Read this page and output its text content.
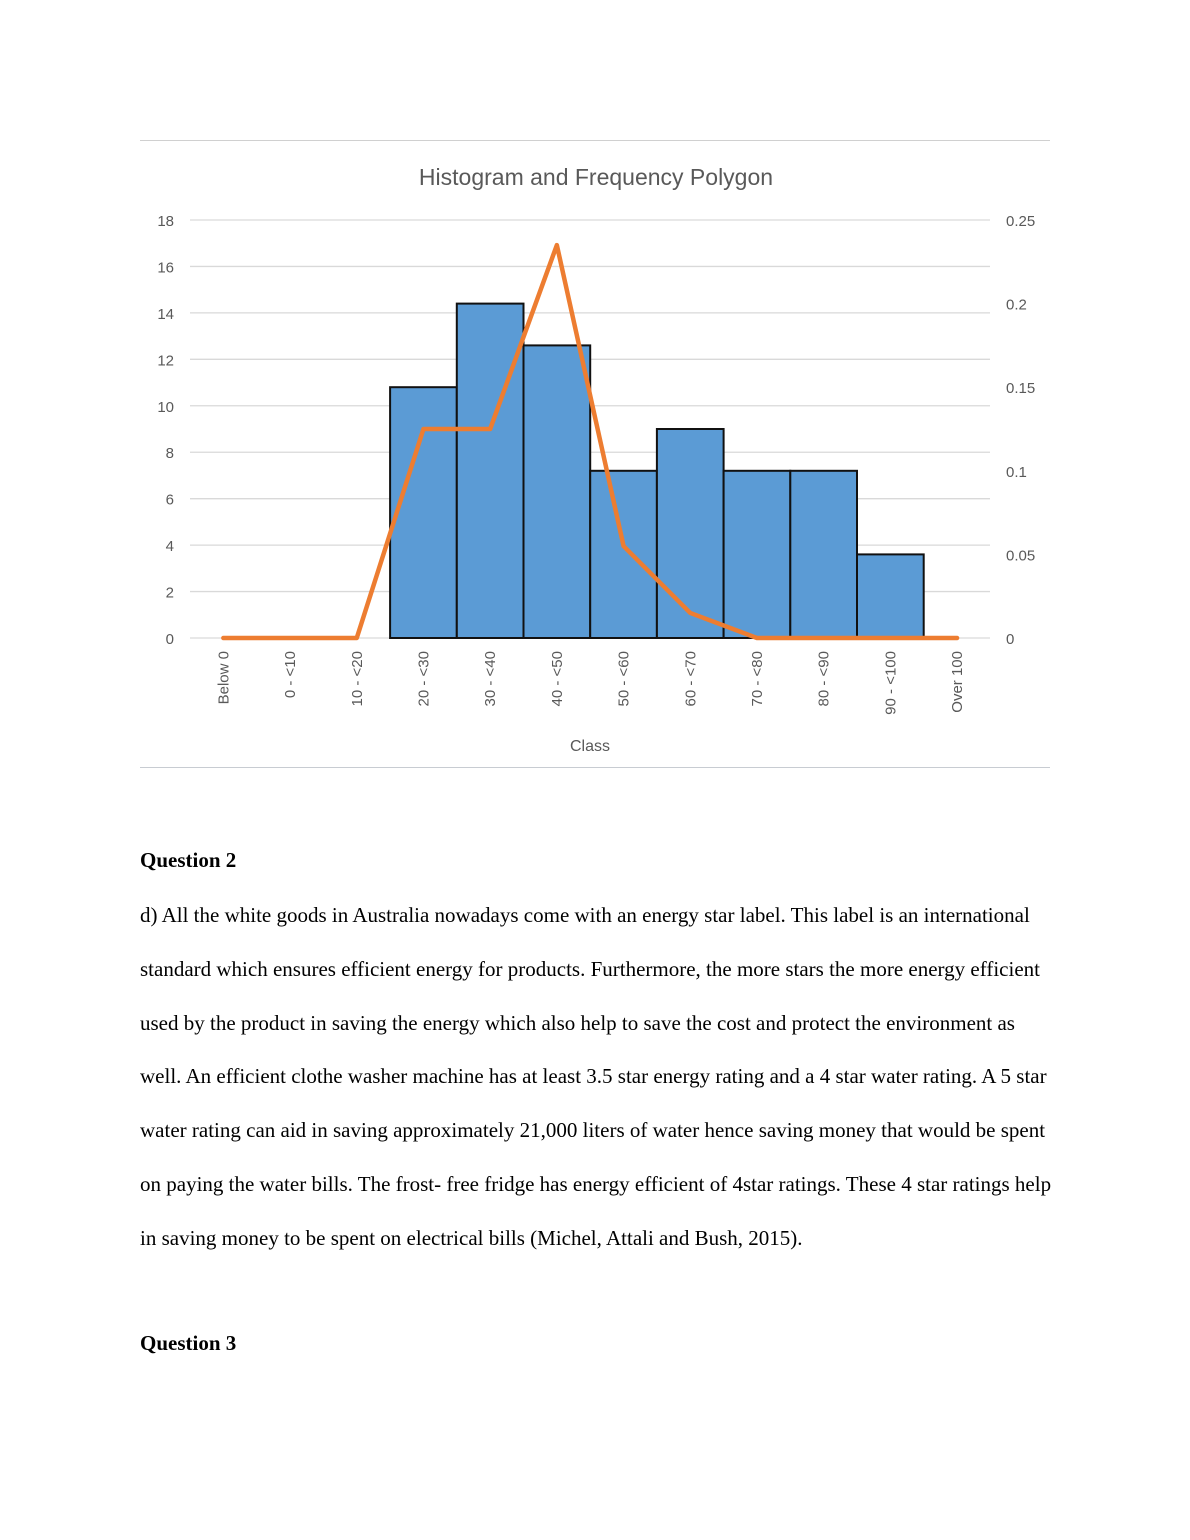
Histogram and Frequency Polygon
0
2
4
6
8
10
12
14
16
18
0
0.05
0.1
0.15
0.2
0.25
Below 0	0 - <10	10 - <20	20 - <30	30 - <40	40 - <50	50 - <60	60 - <70	70 - <80	80 - <90	90 - <100	Over 100
Class

Question 2

d) All the white goods in Australia nowadays come with an energy star label. This label is an international standard which ensures efficient energy for products. Furthermore, the more stars the more energy efficient used by the product in saving the energy which also help to save the cost and protect the environment as well. An efficient clothe washer machine has at least 3.5 star energy rating and a 4 star water rating. A 5 star water rating can aid in saving approximately 21,000 liters of water hence saving money that would be spent on paying the water bills. The frost- free fridge has energy efficient of 4star ratings. These 4 star ratings help in saving money to be spent on electrical bills (Michel, Attali and Bush, 2015).

Question 3
